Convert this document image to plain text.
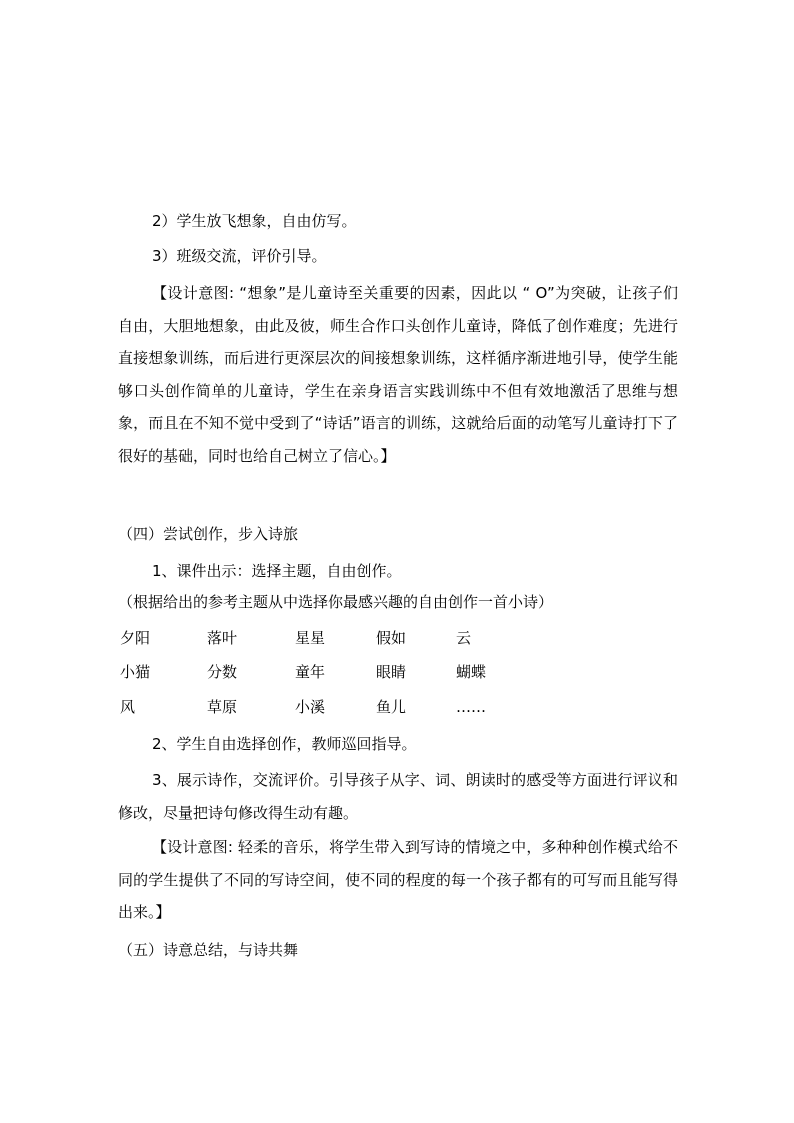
2）学生放飞想象，自由仿写。
3）班级交流，评价引导。
【设计意图: “想象”是儿童诗至关重要的因素，因此以 “ O”为突破，让孩子们自由，大胆地想象，由此及彼，师生合作口头创作儿童诗，降低了创作难度；先进行直接想象训练，而后进行更深层次的间接想象训练，这样循序渐进地引导，使学生能够口头创作简单的儿童诗，学生在亲身语言实践训练中不但有效地激活了思维与想象，而且在不知不觉中受到了“诗话”语言的训练，这就给后面的动笔写儿童诗打下了很好的基础，同时也给自己树立了信心。】
（四）尝试创作，步入诗旅
1、课件出示：选择主题，自由创作。
（根据给出的参考主题从中选择你最感兴趣的自由创作一首小诗）
夕阳	落叶	星星	假如	云
小猫	分数	童年	眼睛	蝴蝶
风	草原	小溪	鱼儿	……
2、学生自由选择创作，教师巡回指导。
3、展示诗作，交流评价。引导孩子从字、词、朗读时的感受等方面进行评议和修改，尽量把诗句修改得生动有趣。
【设计意图: 轻柔的音乐，将学生带入到写诗的情境之中，多种种创作模式给不同的学生提供了不同的写诗空间，使不同的程度的每一个孩子都有的可写而且能写得出来。】
（五）诗意总结，与诗共舞
